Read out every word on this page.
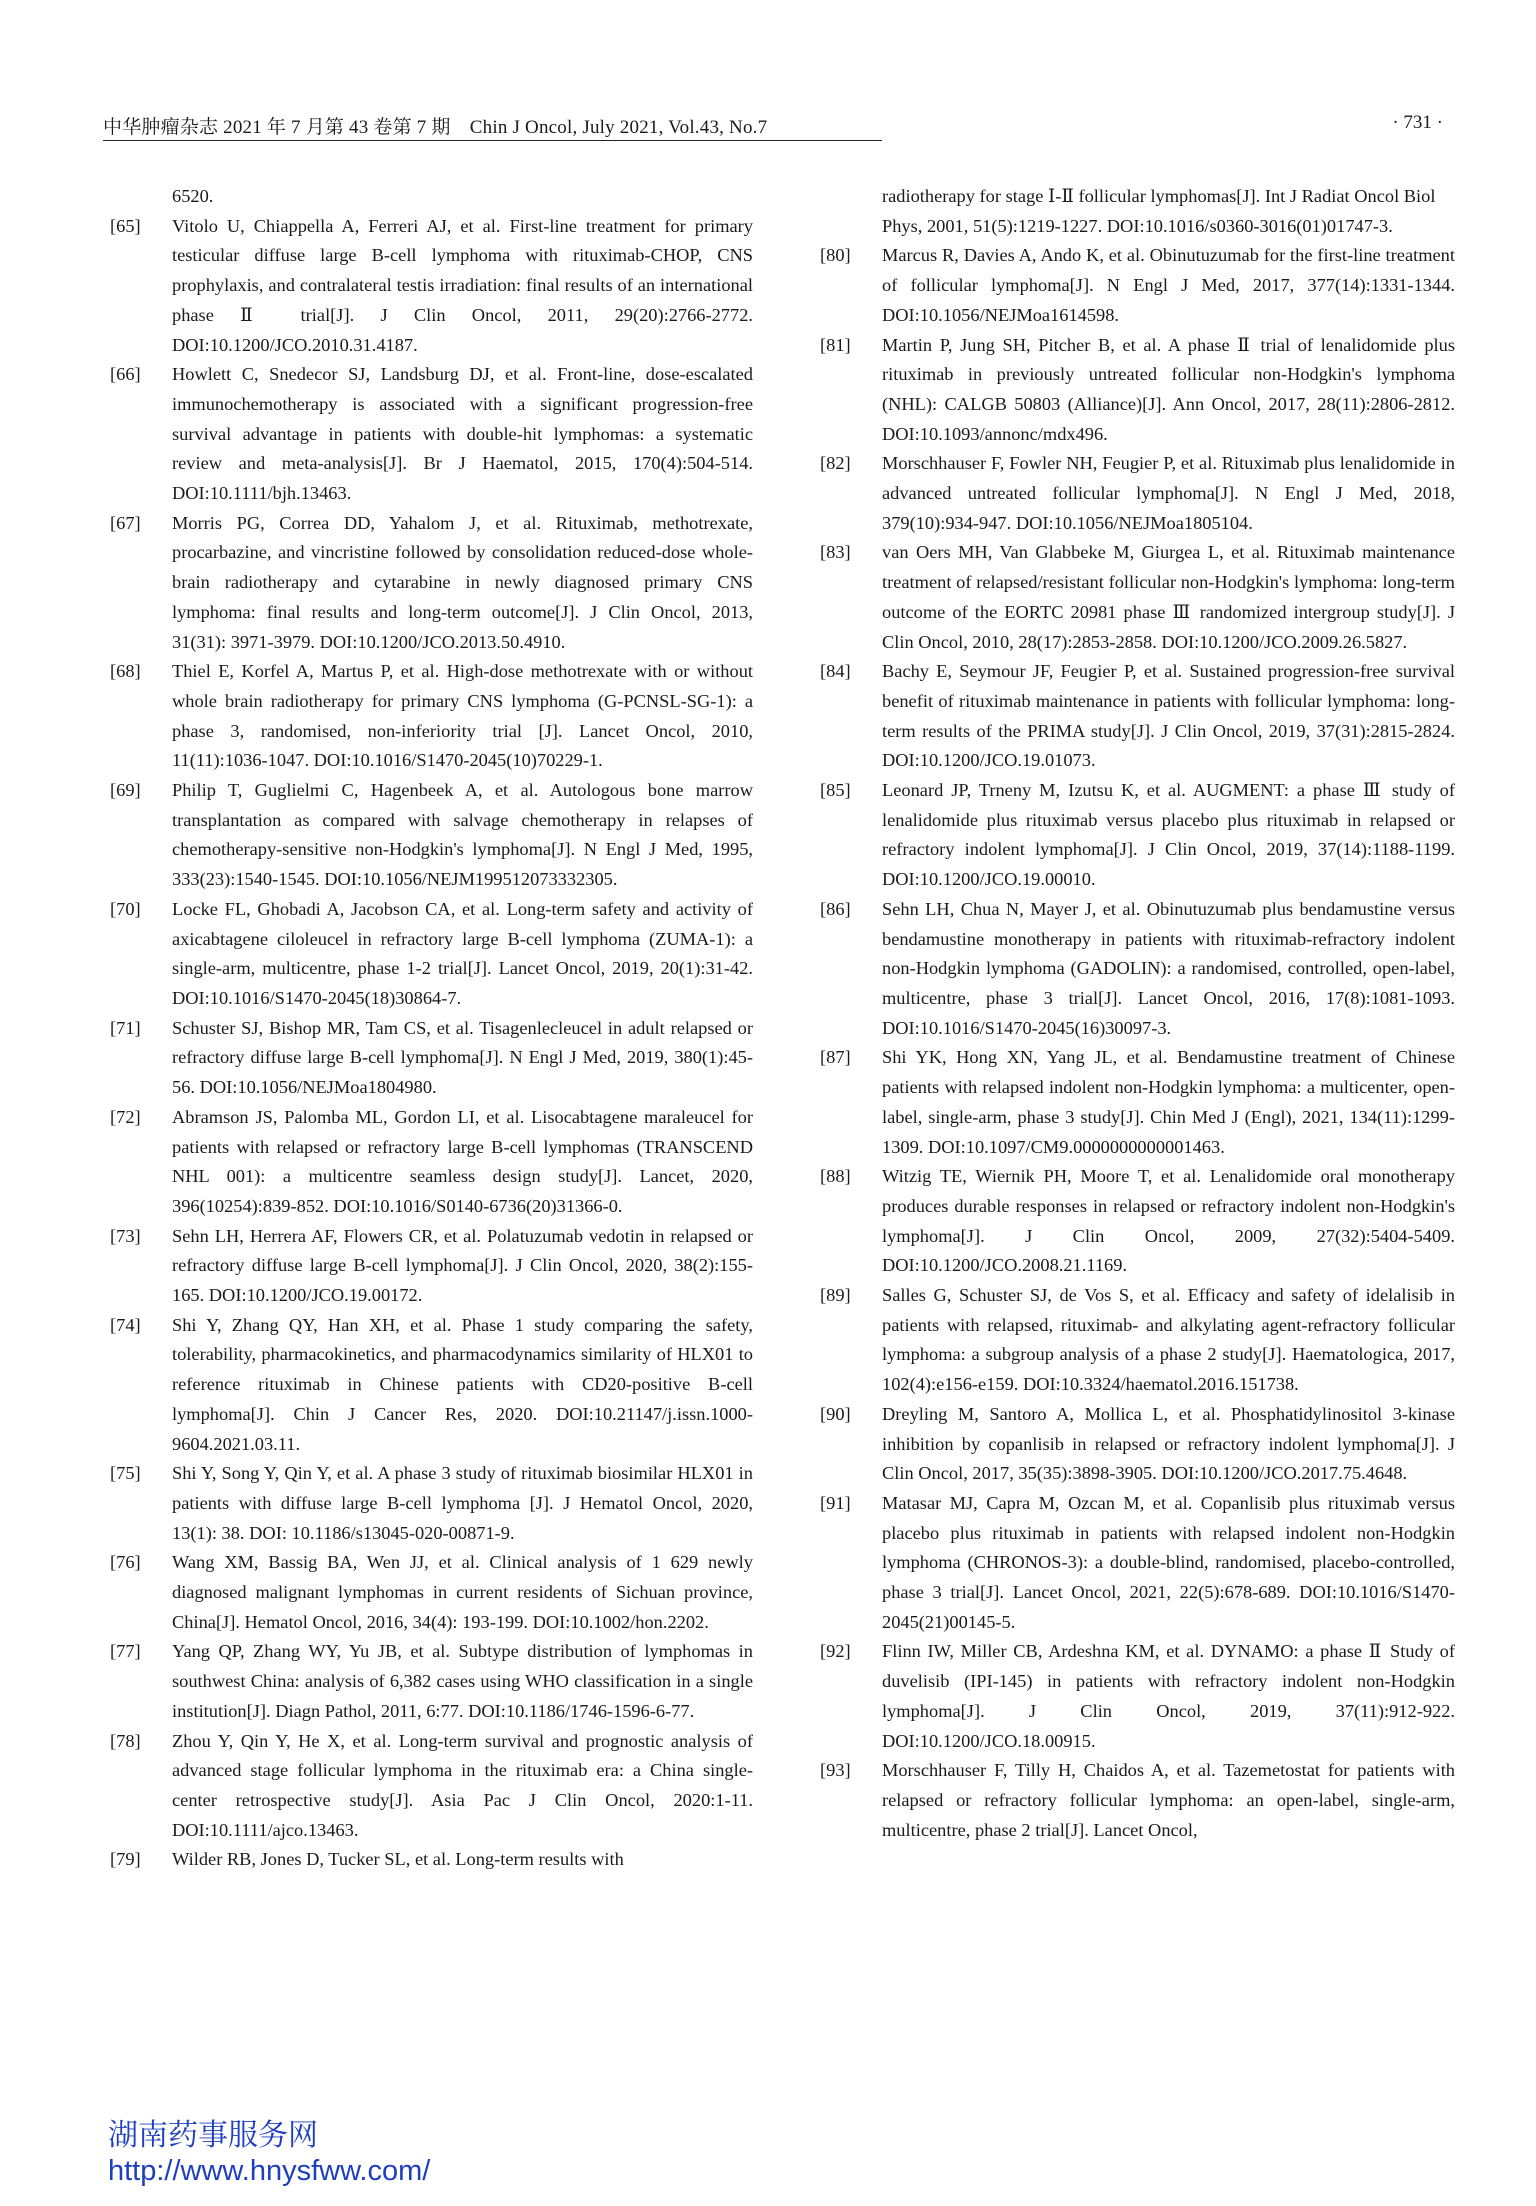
中华肿瘤杂志 2021 年 7 月第 43 卷第 7 期　Chin J Oncol, July 2021, Vol.43, No.7	· 731 ·

6520.

[65] Vitolo U, Chiappella A, Ferreri AJ, et al. First-line treatment for primary testicular diffuse large B-cell lymphoma with rituximab-CHOP, CNS prophylaxis, and contralateral testis irradiation: final results of an international phase Ⅱ trial[J]. J Clin Oncol, 2011, 29(20):2766-2772. DOI:10.1200/JCO.2010.31.4187.

[66] Howlett C, Snedecor SJ, Landsburg DJ, et al. Front-line, dose-escalated immunochemotherapy is associated with a significant progression-free survival advantage in patients with double-hit lymphomas: a systematic review and meta-analysis[J]. Br J Haematol, 2015, 170(4):504-514. DOI:10.1111/bjh.13463.

[67] Morris PG, Correa DD, Yahalom J, et al. Rituximab, methotrexate, procarbazine, and vincristine followed by consolidation reduced-dose whole-brain radiotherapy and cytarabine in newly diagnosed primary CNS lymphoma: final results and long-term outcome[J]. J Clin Oncol, 2013, 31(31): 3971-3979. DOI:10.1200/JCO.2013.50.4910.

[68] Thiel E, Korfel A, Martus P, et al. High-dose methotrexate with or without whole brain radiotherapy for primary CNS lymphoma (G-PCNSL-SG-1): a phase 3, randomised, non-inferiority trial [J]. Lancet Oncol, 2010, 11(11):1036-1047. DOI:10.1016/S1470-2045(10)70229-1.

[69] Philip T, Guglielmi C, Hagenbeek A, et al. Autologous bone marrow transplantation as compared with salvage chemotherapy in relapses of chemotherapy-sensitive non-Hodgkin's lymphoma[J]. N Engl J Med, 1995, 333(23):1540-1545. DOI:10.1056/NEJM199512073332305.

[70] Locke FL, Ghobadi A, Jacobson CA, et al. Long-term safety and activity of axicabtagene ciloleucel in refractory large B-cell lymphoma (ZUMA-1): a single-arm, multicentre, phase 1-2 trial[J]. Lancet Oncol, 2019, 20(1):31-42. DOI:10.1016/S1470-2045(18)30864-7.

[71] Schuster SJ, Bishop MR, Tam CS, et al. Tisagenlecleucel in adult relapsed or refractory diffuse large B-cell lymphoma[J]. N Engl J Med, 2019, 380(1):45-56. DOI:10.1056/NEJMoa1804980.

[72] Abramson JS, Palomba ML, Gordon LI, et al. Lisocabtagene maraleucel for patients with relapsed or refractory large B-cell lymphomas (TRANSCEND NHL 001): a multicentre seamless design study[J]. Lancet, 2020, 396(10254):839-852. DOI:10.1016/S0140-6736(20)31366-0.

[73] Sehn LH, Herrera AF, Flowers CR, et al. Polatuzumab vedotin in relapsed or refractory diffuse large B-cell lymphoma[J]. J Clin Oncol, 2020, 38(2):155-165. DOI:10.1200/JCO.19.00172.

[74] Shi Y, Zhang QY, Han XH, et al. Phase 1 study comparing the safety, tolerability, pharmacokinetics, and pharmacodynamics similarity of HLX01 to reference rituximab in Chinese patients with CD20-positive B-cell lymphoma[J]. Chin J Cancer Res, 2020. DOI:10.21147/j.issn.1000-9604.2021.03.11.

[75] Shi Y, Song Y, Qin Y, et al. A phase 3 study of rituximab biosimilar HLX01 in patients with diffuse large B-cell lymphoma [J]. J Hematol Oncol, 2020, 13(1): 38. DOI: 10.1186/s13045-020-00871-9.

[76] Wang XM, Bassig BA, Wen JJ, et al. Clinical analysis of 1 629 newly diagnosed malignant lymphomas in current residents of Sichuan province, China[J]. Hematol Oncol, 2016, 34(4): 193-199. DOI:10.1002/hon.2202.

[77] Yang QP, Zhang WY, Yu JB, et al. Subtype distribution of lymphomas in southwest China: analysis of 6,382 cases using WHO classification in a single institution[J]. Diagn Pathol, 2011, 6:77. DOI:10.1186/1746-1596-6-77.

[78] Zhou Y, Qin Y, He X, et al. Long-term survival and prognostic analysis of advanced stage follicular lymphoma in the rituximab era: a China single-center retrospective study[J]. Asia Pac J Clin Oncol, 2020:1-11. DOI:10.1111/ajco.13463.

[79] Wilder RB, Jones D, Tucker SL, et al. Long-term results with

radiotherapy for stage Ⅰ-Ⅱ follicular lymphomas[J]. Int J Radiat Oncol Biol Phys, 2001, 51(5):1219-1227. DOI:10.1016/s0360-3016(01)01747-3.

[80] Marcus R, Davies A, Ando K, et al. Obinutuzumab for the first-line treatment of follicular lymphoma[J]. N Engl J Med, 2017, 377(14):1331-1344. DOI:10.1056/NEJMoa1614598.

[81] Martin P, Jung SH, Pitcher B, et al. A phase Ⅱ trial of lenalidomide plus rituximab in previously untreated follicular non-Hodgkin's lymphoma (NHL): CALGB 50803 (Alliance)[J]. Ann Oncol, 2017, 28(11):2806-2812. DOI:10.1093/annonc/mdx496.

[82] Morschhauser F, Fowler NH, Feugier P, et al. Rituximab plus lenalidomide in advanced untreated follicular lymphoma[J]. N Engl J Med, 2018, 379(10):934-947. DOI:10.1056/NEJMoa1805104.

[83] van Oers MH, Van Glabbeke M, Giurgea L, et al. Rituximab maintenance treatment of relapsed/resistant follicular non-Hodgkin's lymphoma: long-term outcome of the EORTC 20981 phase Ⅲ randomized intergroup study[J]. J Clin Oncol, 2010, 28(17):2853-2858. DOI:10.1200/JCO.2009.26.5827.

[84] Bachy E, Seymour JF, Feugier P, et al. Sustained progression-free survival benefit of rituximab maintenance in patients with follicular lymphoma: long-term results of the PRIMA study[J]. J Clin Oncol, 2019, 37(31):2815-2824. DOI:10.1200/JCO.19.01073.

[85] Leonard JP, Trneny M, Izutsu K, et al. AUGMENT: a phase Ⅲ study of lenalidomide plus rituximab versus placebo plus rituximab in relapsed or refractory indolent lymphoma[J]. J Clin Oncol, 2019, 37(14):1188-1199. DOI:10.1200/JCO.19.00010.

[86] Sehn LH, Chua N, Mayer J, et al. Obinutuzumab plus bendamustine versus bendamustine monotherapy in patients with rituximab-refractory indolent non-Hodgkin lymphoma (GADOLIN): a randomised, controlled, open-label, multicentre, phase 3 trial[J]. Lancet Oncol, 2016, 17(8):1081-1093. DOI:10.1016/S1470-2045(16)30097-3.

[87] Shi YK, Hong XN, Yang JL, et al. Bendamustine treatment of Chinese patients with relapsed indolent non-Hodgkin lymphoma: a multicenter, open-label, single-arm, phase 3 study[J]. Chin Med J (Engl), 2021, 134(11):1299-1309. DOI:10.1097/CM9.0000000000001463.

[88] Witzig TE, Wiernik PH, Moore T, et al. Lenalidomide oral monotherapy produces durable responses in relapsed or refractory indolent non-Hodgkin's lymphoma[J]. J Clin Oncol, 2009, 27(32):5404-5409. DOI:10.1200/JCO.2008.21.1169.

[89] Salles G, Schuster SJ, de Vos S, et al. Efficacy and safety of idelalisib in patients with relapsed, rituximab- and alkylating agent-refractory follicular lymphoma: a subgroup analysis of a phase 2 study[J]. Haematologica, 2017, 102(4):e156-e159. DOI:10.3324/haematol.2016.151738.

[90] Dreyling M, Santoro A, Mollica L, et al. Phosphatidylinositol 3-kinase inhibition by copanlisib in relapsed or refractory indolent lymphoma[J]. J Clin Oncol, 2017, 35(35):3898-3905. DOI:10.1200/JCO.2017.75.4648.

[91] Matasar MJ, Capra M, Ozcan M, et al. Copanlisib plus rituximab versus placebo plus rituximab in patients with relapsed indolent non-Hodgkin lymphoma (CHRONOS-3): a double-blind, randomised, placebo-controlled, phase 3 trial[J]. Lancet Oncol, 2021, 22(5):678-689. DOI:10.1016/S1470-2045(21)00145-5.

[92] Flinn IW, Miller CB, Ardeshna KM, et al. DYNAMO: a phase Ⅱ Study of duvelisib (IPI-145) in patients with refractory indolent non-Hodgkin lymphoma[J]. J Clin Oncol, 2019, 37(11):912-922. DOI:10.1200/JCO.18.00915.

[93] Morschhauser F, Tilly H, Chaidos A, et al. Tazemetostat for patients with relapsed or refractory follicular lymphoma: an open-label, single-arm, multicentre, phase 2 trial[J]. Lancet Oncol,

湖南药事服务网
http://www.hnysfww.com/
